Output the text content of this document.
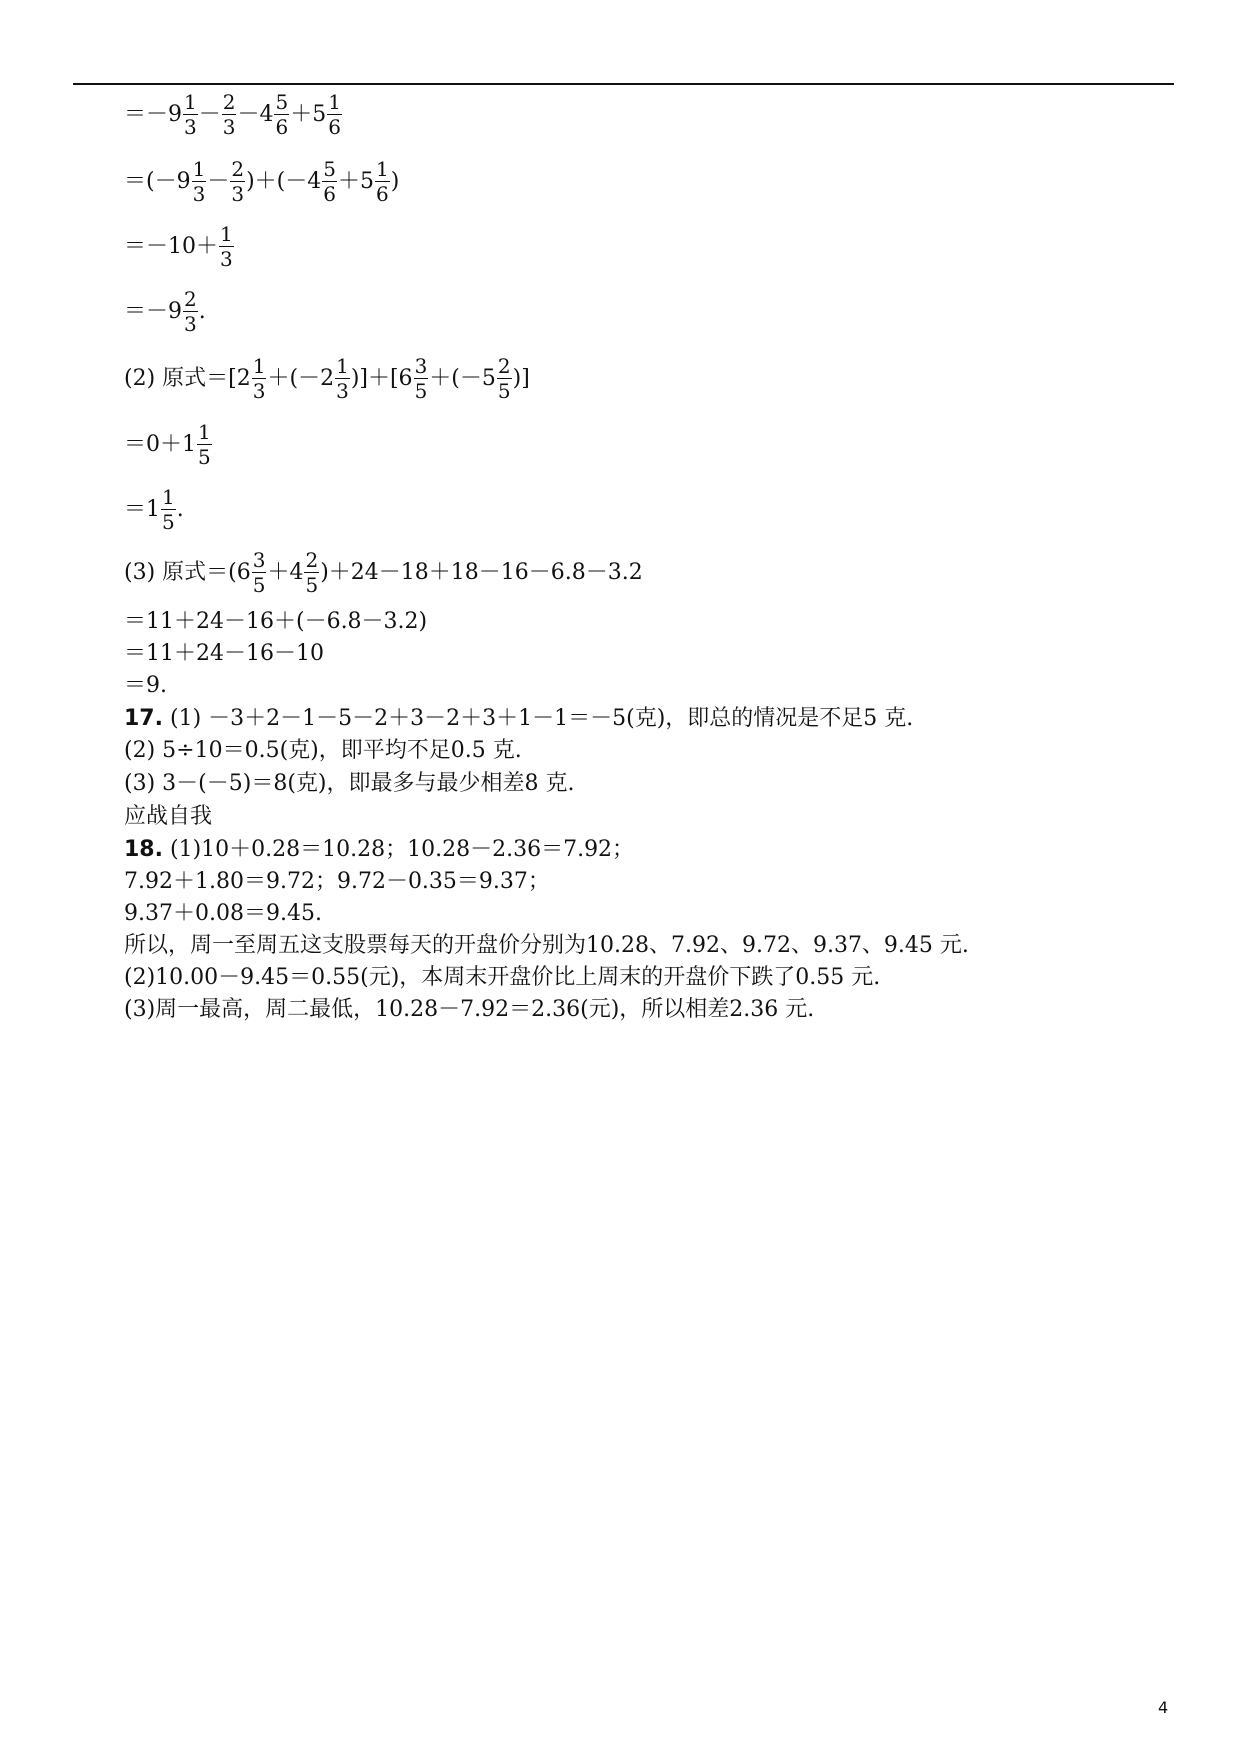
$=-9 \frac{1}{3} - \frac{2}{3} -4 \frac{5}{6} +5 \frac{1}{6}$
$=(-9 \frac{1}{3} - \frac{2}{3} )+(-4 \frac{5}{6} +5 \frac{1}{6}$ )
$=-10+ \frac{1}{3}$
$=-9 \frac{2}{3}$ .
(2) 原式$=[2 \frac{1}{3} +(-2 \frac{1}{3} )]+[6 \frac{3}{5} +(-5 \frac{2}{5}$ )]
$=0+1 \frac{1}{5}$
$=1 \frac{1}{5}$ .
(3) 原式$=(6 \frac{3}{5} +4 \frac{2}{5} )+24-18+18-16-6.8-3.2$
＝11＋24－16＋(－6.8－3.2)
＝11＋24－16－10
＝9.
17. (1) －3＋2－1－5－2＋3－2＋3＋1－1＝－5(克)，即总的情况是不足5 克.
(2) 5÷10＝0.5(克)，即平均不足0.5 克.
(3) 3－(－5)＝8(克)，即最多与最少相差8 克.
应战自我
18. (1)10＋0.28＝10.28；10.28－2.36＝7.92；
7.92＋1.80＝9.72；9.72－0.35＝9.37；
9.37＋0.08＝9.45.
所以，周一至周五这支股票每天的开盘价分别为10.28、7.92、9.72、9.37、9.45 元.
(2)10.00－9.45＝0.55(元)，本周末开盘价比上周末的开盘价下跌了0.55 元.
(3)周一最高，周二最低，10.28－7.92＝2.36(元)，所以相差2.36 元.
4
